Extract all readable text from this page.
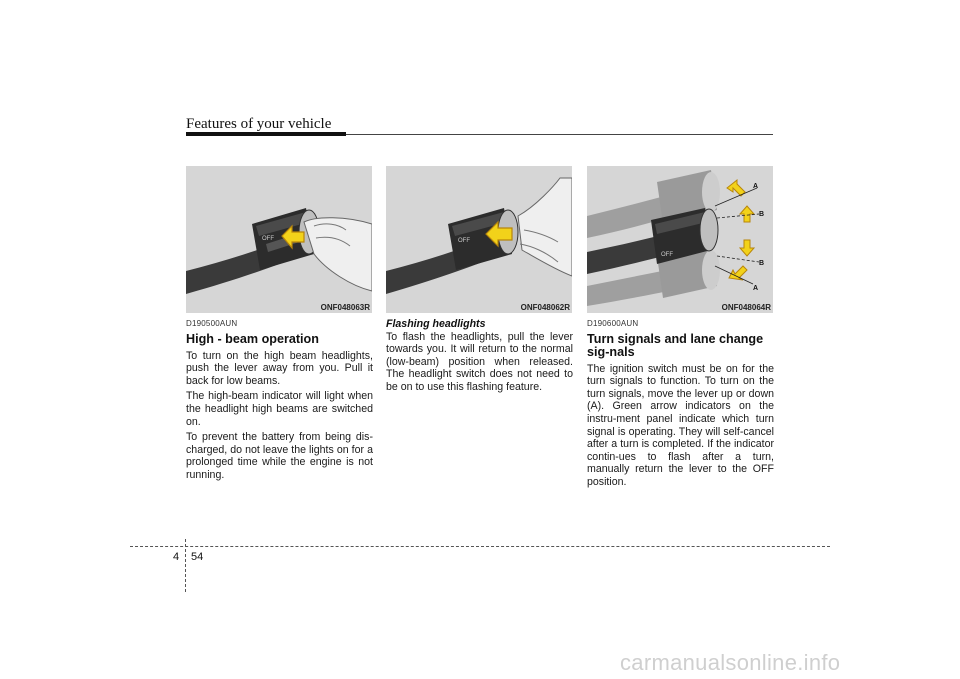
Features of your vehicle
OFF
ONF048063R
OFF
ONF048062R
OFF
A
B
B
A
ONF048064R
D190500AUN
High - beam operation

To turn on the high beam headlights, push the lever away from you. Pull it back for low beams.

The high-beam indicator will light when the headlight high beams are switched on.

To prevent the battery from being dis-charged, do not leave the lights on for a prolonged time while the engine is not running.

Flashing headlights

To flash the headlights, pull the lever towards you. It will return to the normal (low-beam) position when released. The headlight switch does not need to be on to use this flashing feature.

D190600AUN
Turn signals and lane change sig-nals

The ignition switch must be on for the turn signals to function. To turn on the turn signals, move the lever up or down (A). Green arrow indicators on the instru-ment panel indicate which turn signal is operating. They will self-cancel after a turn is completed. If the indicator contin-ues to flash after a turn, manually return the lever to the OFF position.

4 54
carmanualsonline.info
